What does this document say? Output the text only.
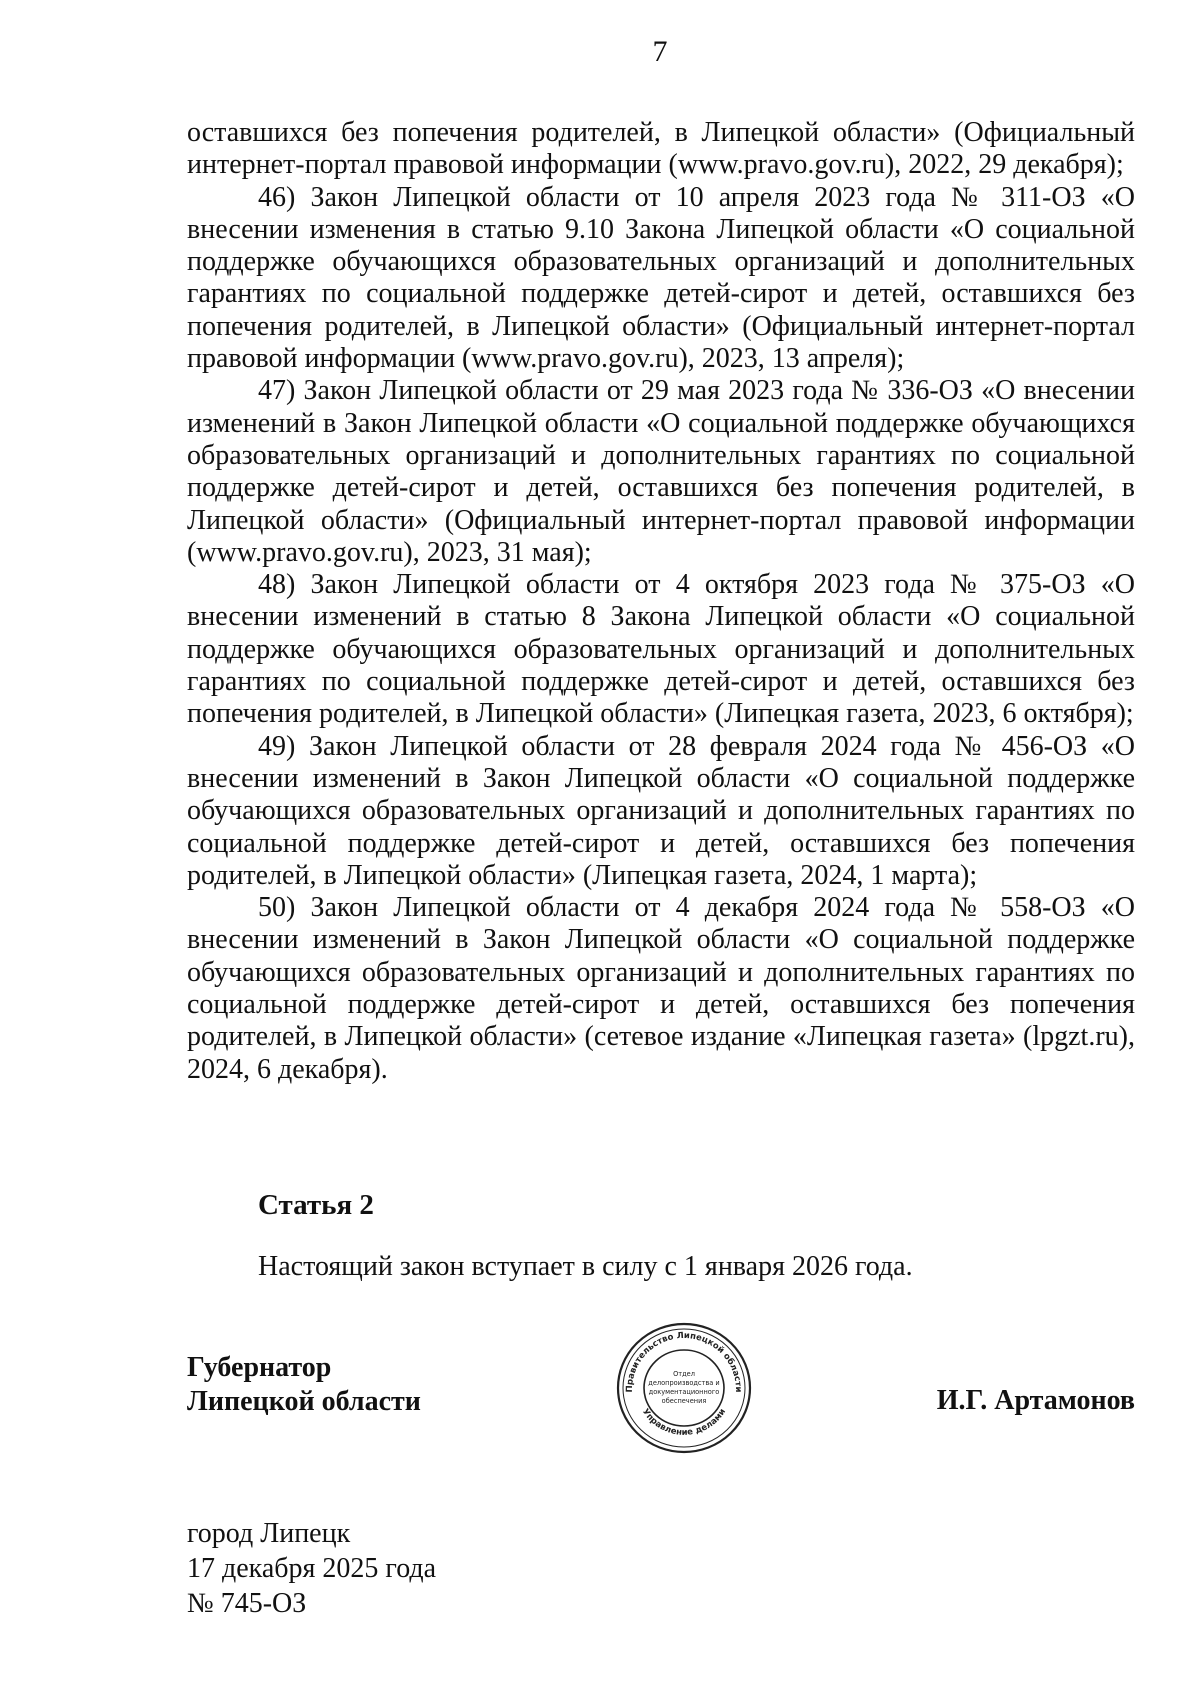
7

оставшихся без попечения родителей, в Липецкой области» (Официальный интернет-портал правовой информации (www.pravo.gov.ru), 2022, 29 декабря);

46) Закон Липецкой области от 10 апреля 2023 года № 311-ОЗ «О внесении изменения в статью 9.10 Закона Липецкой области «О социальной поддержке обучающихся образовательных организаций и дополнительных гарантиях по социальной поддержке детей-сирот и детей, оставшихся без попечения родителей, в Липецкой области» (Официальный интернет-портал правовой информации (www.pravo.gov.ru), 2023, 13 апреля);

47) Закон Липецкой области от 29 мая 2023 года № 336-ОЗ «О внесении изменений в Закон Липецкой области «О социальной поддержке обучающихся образовательных организаций и дополнительных гарантиях по социальной поддержке детей-сирот и детей, оставшихся без попечения родителей, в Липецкой области» (Официальный интернет-портал правовой информации (www.pravo.gov.ru), 2023, 31 мая);

48) Закон Липецкой области от 4 октября 2023 года № 375-ОЗ «О внесении изменений в статью 8 Закона Липецкой области «О социальной поддержке обучающихся образовательных организаций и дополнительных гарантиях по социальной поддержке детей-сирот и детей, оставшихся без попечения родителей, в Липецкой области» (Липецкая газета, 2023, 6 октября);

49) Закон Липецкой области от 28 февраля 2024 года № 456-ОЗ «О внесении изменений в Закон Липецкой области «О социальной поддержке обучающихся образовательных организаций и дополнительных гарантиях по социальной поддержке детей-сирот и детей, оставшихся без попечения родителей, в Липецкой области» (Липецкая газета, 2024, 1 марта);

50) Закон Липецкой области от 4 декабря 2024 года № 558-ОЗ «О внесении изменений в Закон Липецкой области «О социальной поддержке обучающихся образовательных организаций и дополнительных гарантиях по социальной поддержке детей-сирот и детей, оставшихся без попечения родителей, в Липецкой области» (сетевое издание «Липецкая газета» (lpgzt.ru), 2024, 6 декабря).

Статья 2
Настоящий закон вступает в силу с 1 января 2026 года.
Губернатор
Липецкой области	Правительство Липецкой области
Управление делами
Отдел
делопроизводства и
документационного
обеспечения	И.Г. Артамонов
город Липецк
17 декабря 2025 года
№ 745-ОЗ
